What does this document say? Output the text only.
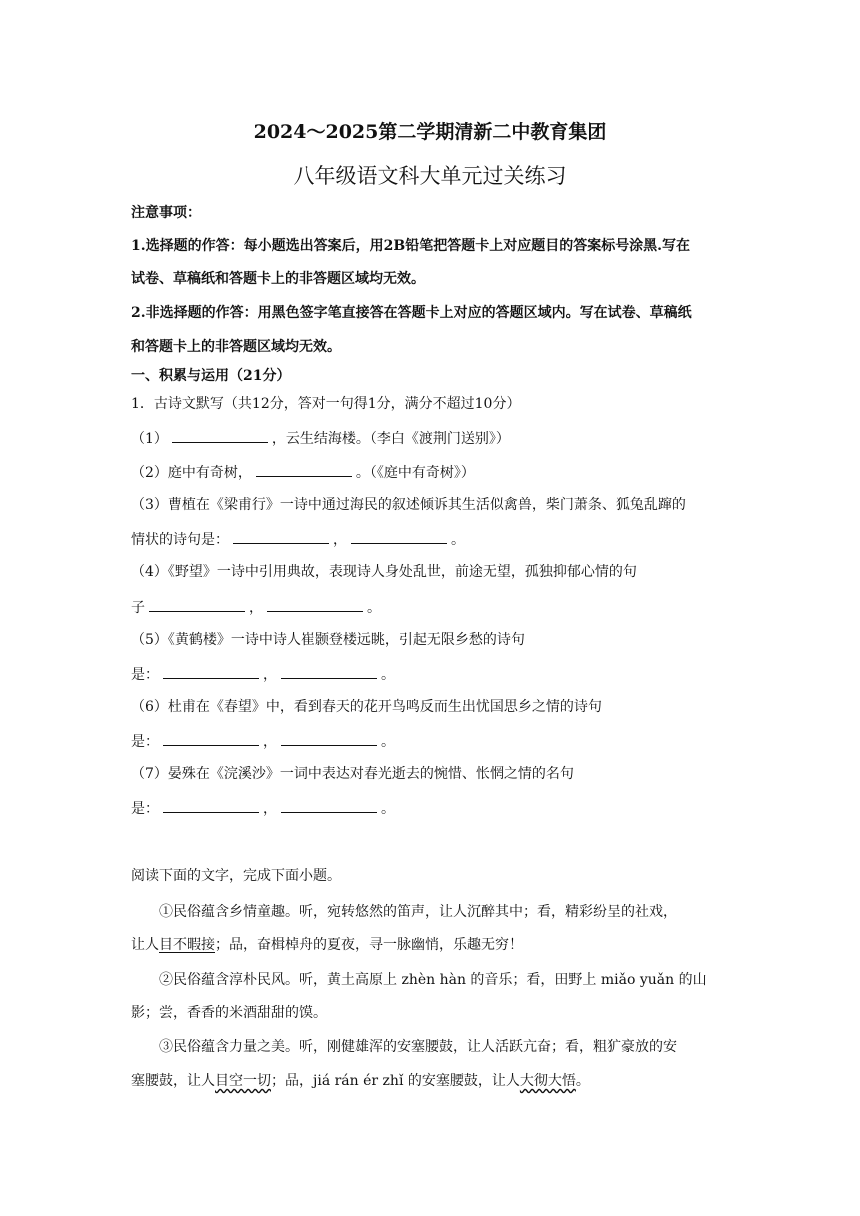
2024～2025第二学期清新二中教育集团
八年级语文科大单元过关练习
注意事项：
1.选择题的作答：每小题选出答案后，用2B铅笔把答题卡上对应题目的答案标号涂黑.写在
试卷、草稿纸和答题卡上的非答题区域均无效。
2.非选择题的作答：用黑色签字笔直接答在答题卡上对应的答题区域内。写在试卷、草稿纸
和答题卡上的非答题区域均无效。
一、积累与运用（21分）
1．古诗文默写（共12分，答对一句得1分，满分不超过10分）
（1）	，云生结海楼。（李白《渡荆门送别》）
（2）庭中有奇树，	。（《庭中有奇树》）
（3）曹植在《梁甫行》一诗中通过海民的叙述倾诉其生活似禽兽，柴门萧条、狐兔乱蹿的
情状的诗句是：	，	。
（4）《野望》一诗中引用典故，表现诗人身处乱世，前途无望，孤独抑郁心情的句
子	，	。
（5）《黄鹤楼》一诗中诗人崔颢登楼远眺，引起无限乡愁的诗句
是：	，	。
（6）杜甫在《春望》中，看到春天的花开鸟鸣反而生出忧国思乡之情的诗句
是：	，	。
（7）晏殊在《浣溪沙》一词中表达对春光逝去的惋惜、怅惘之情的名句
是：	，	。
阅读下面的文字，完成下面小题。
①民俗蕴含乡情童趣。听，宛转悠然的笛声，让人沉醉其中；看，精彩纷呈的社戏，
让人目不暇接；品，奋楫棹舟的夏夜，寻一脉幽悄，乐趣无穷！
②民俗蕴含淳朴民风。听，黄土高原上 zhèn hàn 的音乐；看，田野上 miǎo yuǎn 的山
影；尝，香香的米酒甜甜的馍。
③民俗蕴含力量之美。听，刚健雄浑的安塞腰鼓，让人活跃亢奋；看，粗犷豪放的安
塞腰鼓，让人目空一切；品，jiá rán ér zhǐ 的安塞腰鼓，让人大彻大悟。
